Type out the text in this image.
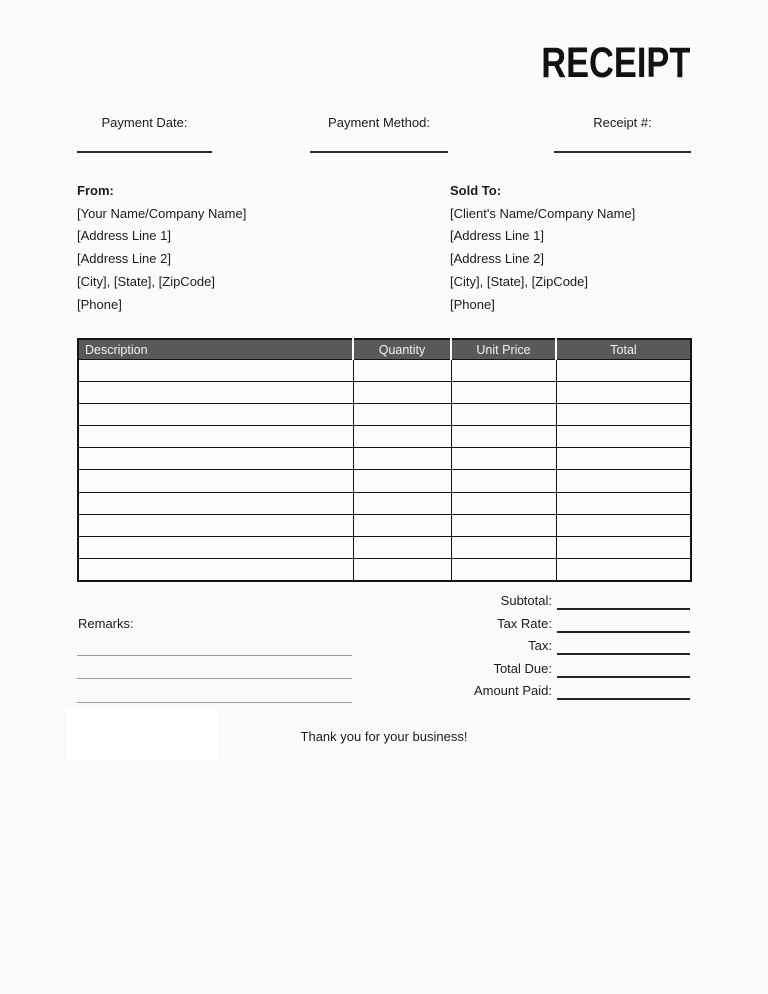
RECEIPT
Payment Date:	Payment Method:	Receipt #:
From:
[Your Name/Company Name]
[Address Line 1]
[Address Line 2]
[City], [State], [ZipCode]
[Phone]
Sold To:
[Client's Name/Company Name]
[Address Line 1]
[Address Line 2]
[City], [State], [ZipCode]
[Phone]
Description	Quantity	Unit Price	Total

Subtotal:
Tax Rate:
Tax:
Total Due:
Amount Paid:
Remarks:
Thank you for your business!
